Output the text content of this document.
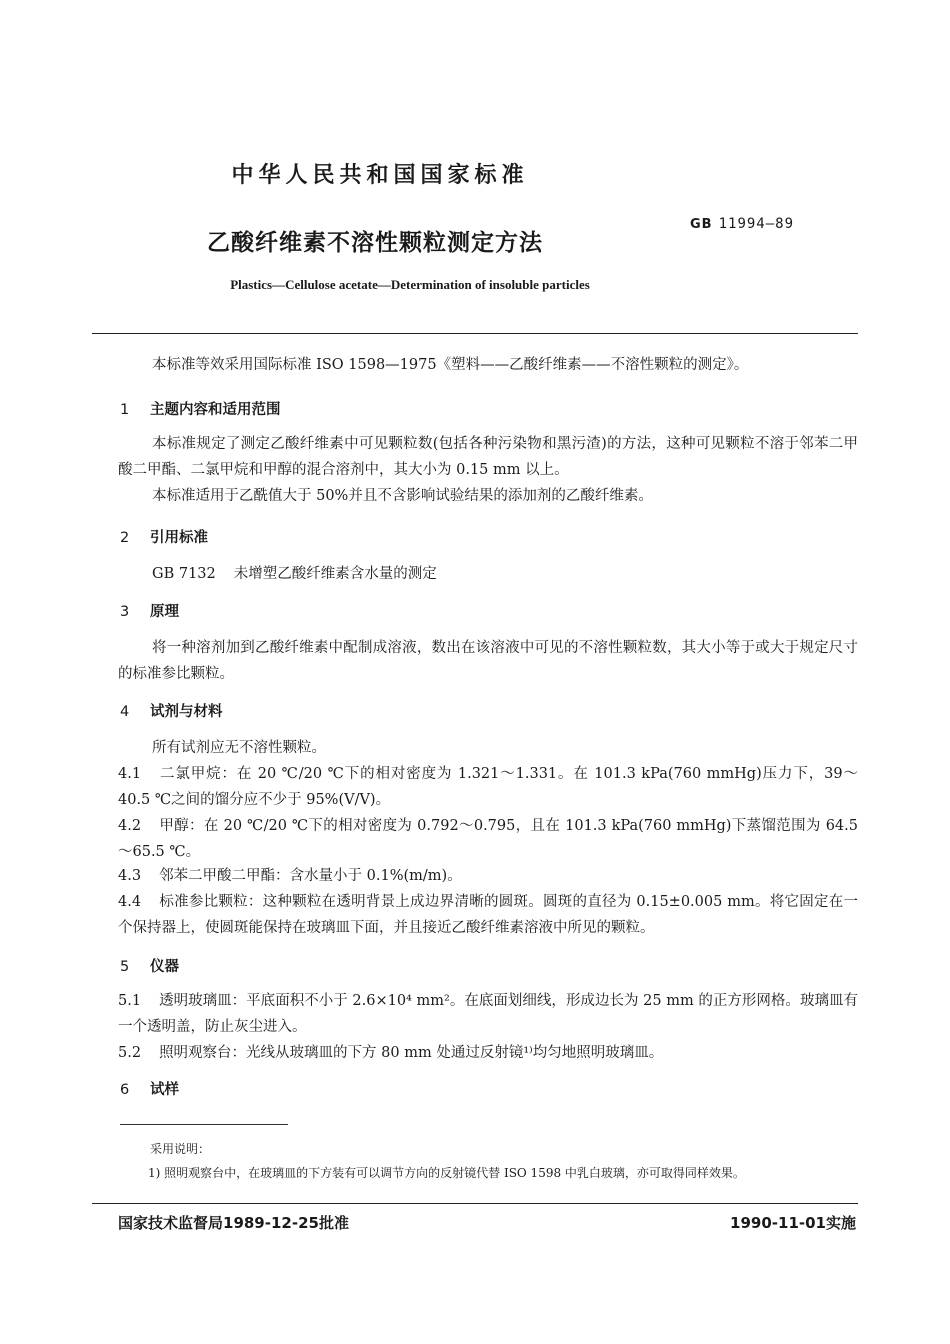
中华人民共和国国家标准
乙酸纤维素不溶性颗粒测定方法
GB 11994—89
Plastics—Cellulose acetate—Determination of insoluble particles
本标准等效采用国际标准 ISO 1598—1975《塑料——乙酸纤维素——不溶性颗粒的测定》。
1 主题内容和适用范围
本标准规定了测定乙酸纤维素中可见颗粒数(包括各种污染物和黑污渣)的方法，这种可见颗粒不溶于邻苯二甲酸二甲酯、二氯甲烷和甲醇的混合溶剂中，其大小为 0.15 mm 以上。
本标准适用于乙酰值大于 50%并且不含影响试验结果的添加剂的乙酸纤维素。
2 引用标准
GB 7132 未增塑乙酸纤维素含水量的测定
3 原理
将一种溶剂加到乙酸纤维素中配制成溶液，数出在该溶液中可见的不溶性颗粒数，其大小等于或大于规定尺寸的标准参比颗粒。
4 试剂与材料
所有试剂应无不溶性颗粒。
4.1 二氯甲烷：在 20 ℃/20 ℃下的相对密度为 1.321～1.331。在 101.3 kPa(760 mmHg)压力下，39～40.5 ℃之间的馏分应不少于 95%(V/V)。
4.2 甲醇：在 20 ℃/20 ℃下的相对密度为 0.792～0.795，且在 101.3 kPa(760 mmHg)下蒸馏范围为 64.5～65.5 ℃。
4.3 邻苯二甲酸二甲酯：含水量小于 0.1%(m/m)。
4.4 标准参比颗粒：这种颗粒在透明背景上成边界清晰的圆斑。圆斑的直径为 0.15±0.005 mm。将它固定在一个保持器上，使圆斑能保持在玻璃皿下面，并且接近乙酸纤维素溶液中所见的颗粒。
5 仪器
5.1 透明玻璃皿：平底面积不小于 2.6×10⁴ mm²。在底面划细线，形成边长为 25 mm 的正方形网格。玻璃皿有一个透明盖，防止灰尘进入。
5.2 照明观察台：光线从玻璃皿的下方 80 mm 处通过反射镜¹⁾均匀地照明玻璃皿。
6 试样
采用说明：
1) 照明观察台中，在玻璃皿的下方装有可以调节方向的反射镜代替 ISO 1598 中乳白玻璃，亦可取得同样效果。
国家技术监督局1989-12-25批准	1990-11-01实施
